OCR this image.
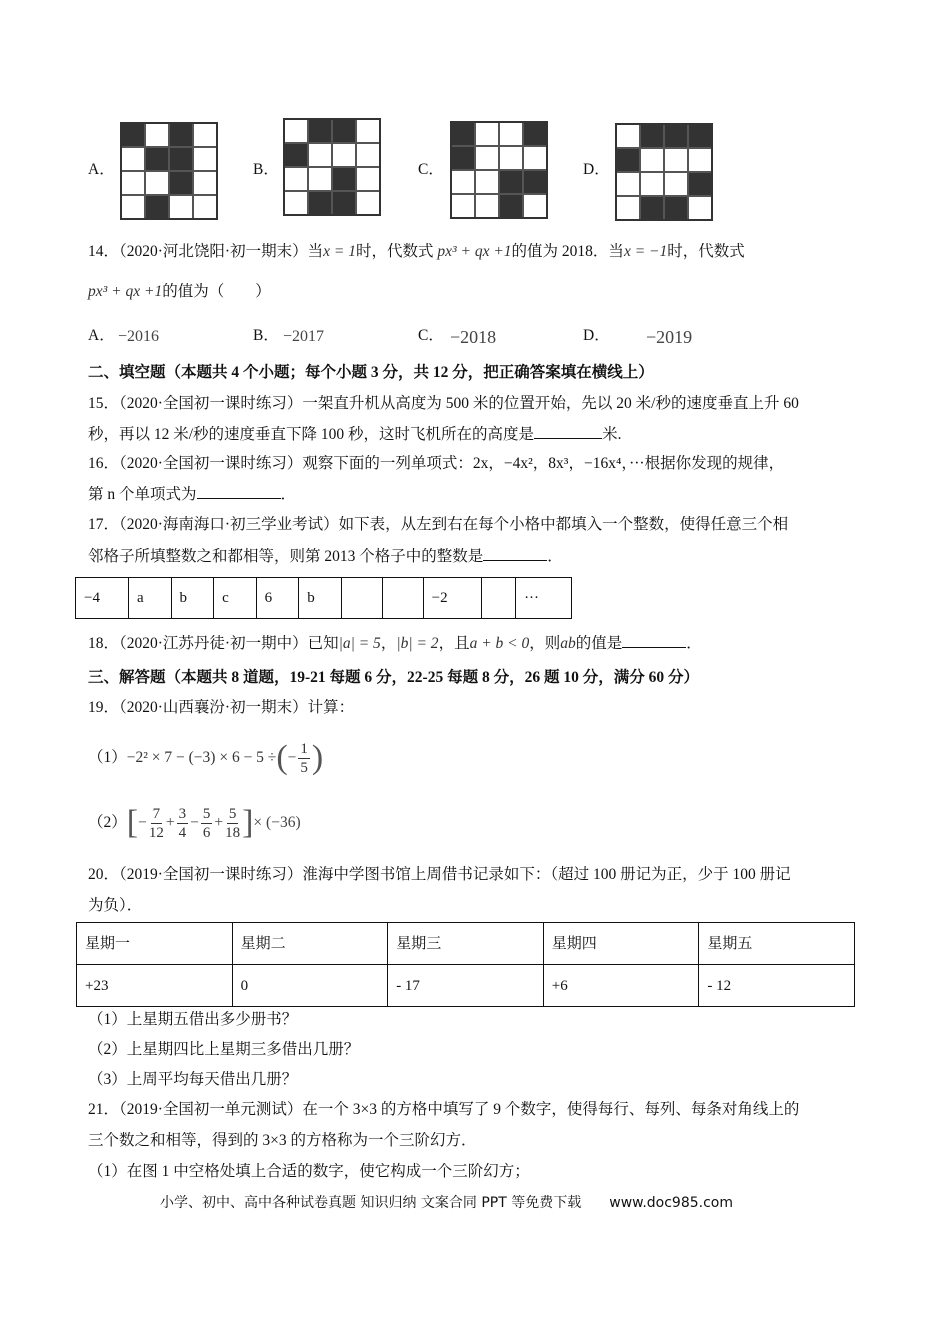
A．	B．	C．	D．
14．（2020·河北饶阳·初一期末）当x = 1时，代数式 px³ + qx +1的值为 2018．当x = −1时，代数式
px³ + qx +1的值为（　　）
A． −2016	B． −2017	C． −2018	D． −2019
二、填空题（本题共 4 个小题；每个小题 3 分，共 12 分，把正确答案填在横线上）
15．（2020·全国初一课时练习）一架直升机从高度为 500 米的位置开始，先以 20 米/秒的速度垂直上升 60
秒，再以 12 米/秒的速度垂直下降 100 秒，这时飞机所在的高度是	米.
16．（2020·全国初一课时练习）观察下面的一列单项式：2x，−4x²，8x³，−16x⁴，···根据你发现的规律，
第 n 个单项式为	．
17．（2020·海南海口·初三学业考试）如下表，从左到右在每个小格中都填入一个整数，使得任意三个相
邻格子所填整数之和都相等，则第 2013 个格子中的整数是	．
−4	a	b	c	6	b			−2		···
18．（2020·江苏丹徒·初一期中）已知|a| = 5，|b| = 2，且a + b < 0，则ab的值是	．
三、解答题（本题共 8 道题，19-21 每题 6 分，22-25 每题 8 分，26 题 10 分，满分 60 分）
19．（2020·山西襄汾·初一期末）计算：
（1） −2² × 7 − (−3) × 6 − 5 ÷ ( − $\frac{1}{5}$ )
（2） [ − $\frac{7}{12} + \frac{3}{4} - \frac{5}{6} + \frac{5}{18}$ ] × (−36)
20．（2019·全国初一课时练习）淮海中学图书馆上周借书记录如下：（超过 100 册记为正，少于 100 册记
为负）．
星期一	星期二	星期三	星期四	星期五
+23	0	- 17	+6	- 12
（1）上星期五借出多少册书？
（2）上星期四比上星期三多借出几册？
（3）上周平均每天借出几册？
21．（2019·全国初一单元测试）在一个 3×3 的方格中填写了 9 个数字，使得每行、每列、每条对角线上的
三个数之和相等，得到的 3×3 的方格称为一个三阶幻方．
（1）在图 1 中空格处填上合适的数字，使它构成一个三阶幻方；
小学、初中、高中各种试卷真题 知识归纳 文案合同 PPT 等免费下载 www.doc985.com
